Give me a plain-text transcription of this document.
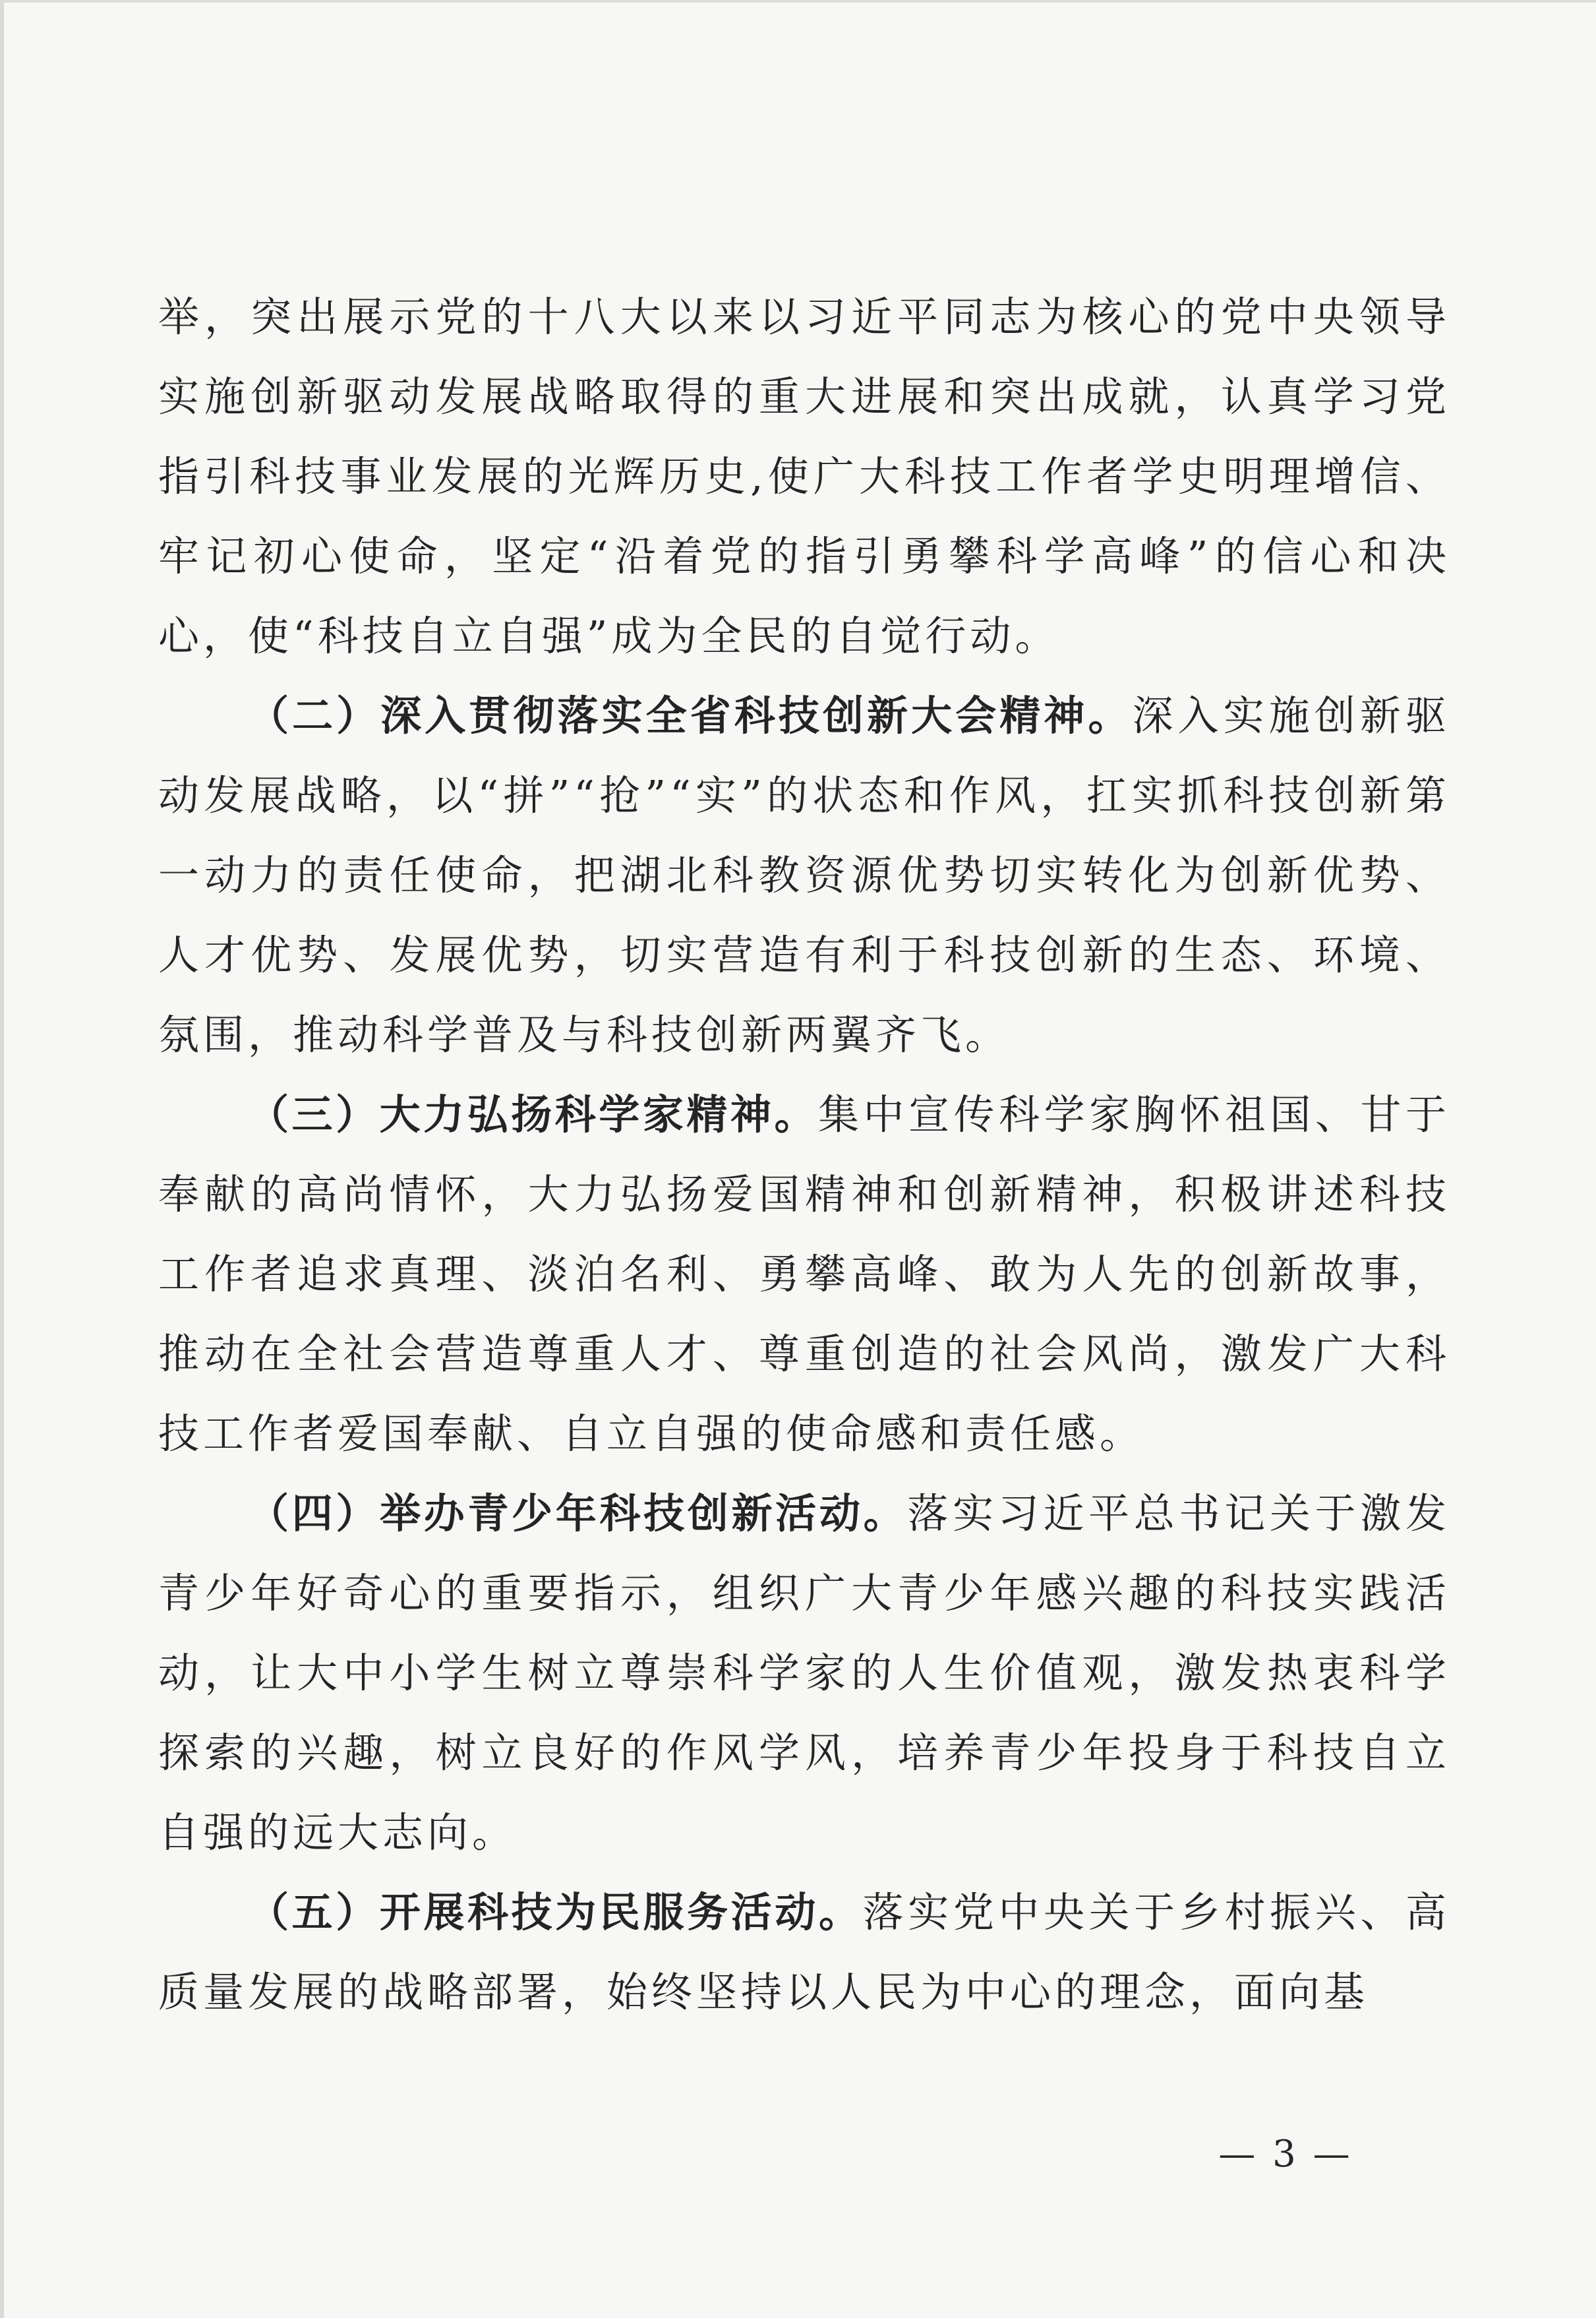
举，突出展示党的十八大以来以习近平同志为核心的党中央领导实施创新驱动发展战略取得的重大进展和突出成就，认真学习党指引科技事业发展的光辉历史,使广大科技工作者学史明理增信、牢记初心使命，坚定“沿着党的指引勇攀科学高峰”的信心和决心，使“科技自立自强”成为全民的自觉行动。

（二）深入贯彻落实全省科技创新大会精神。深入实施创新驱动发展战略，以“拼”“抢”“实”的状态和作风，扛实抓科技创新第一动力的责任使命，把湖北科教资源优势切实转化为创新优势、人才优势、发展优势，切实营造有利于科技创新的生态、环境、氛围，推动科学普及与科技创新两翼齐飞。

（三）大力弘扬科学家精神。集中宣传科学家胸怀祖国、甘于奉献的高尚情怀，大力弘扬爱国精神和创新精神，积极讲述科技工作者追求真理、淡泊名利、勇攀高峰、敢为人先的创新故事，推动在全社会营造尊重人才、尊重创造的社会风尚，激发广大科技工作者爱国奉献、自立自强的使命感和责任感。

（四）举办青少年科技创新活动。落实习近平总书记关于激发青少年好奇心的重要指示，组织广大青少年感兴趣的科技实践活动，让大中小学生树立尊崇科学家的人生价值观，激发热衷科学探索的兴趣，树立良好的作风学风，培养青少年投身于科技自立自强的远大志向。

（五）开展科技为民服务活动。落实党中央关于乡村振兴、高质量发展的战略部署，始终坚持以人民为中心的理念，面向基

— 3 —
